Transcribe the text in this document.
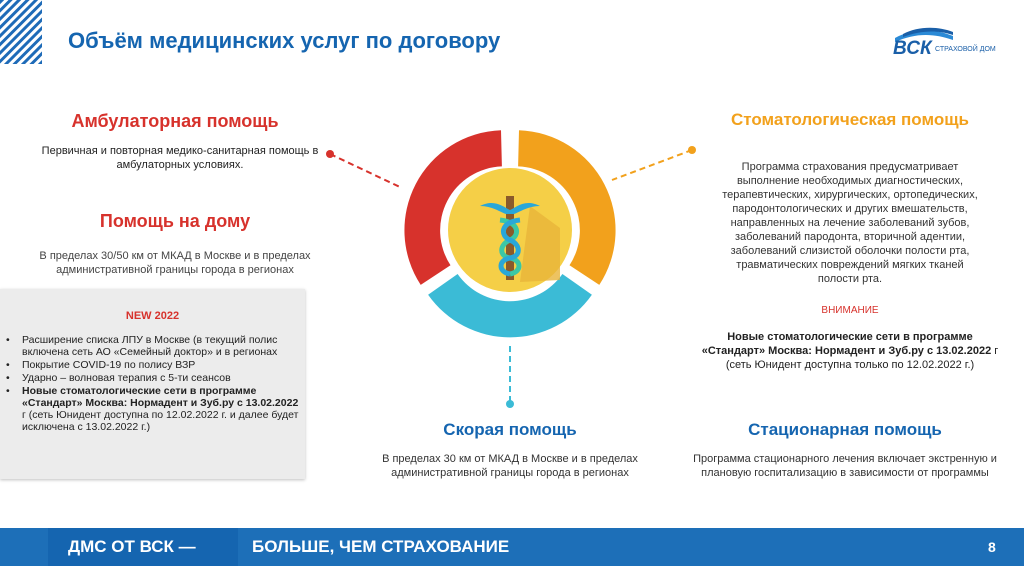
Объём медицинских услуг по договору	ВСК СТРАХОВОЙ ДОМ
Амбулаторная помощь
Первичная и повторная медико-санитарная помощь в амбулаторных условиях.
Помощь на дому
В пределах 30/50 км от МКАД в Москве и в пределах административной границы города в регионах
NEW 2022
• Расширение списка ЛПУ в Москве (в текущий полис включена сеть АО «Семейный доктор» и в регионах
• Покрытие COVID-19 по полису ВЗР
• Ударно – волновая терапия с 5-ти сеансов
• Новые стоматологические сети в программе «Стандарт» Москва: Нормадент и Зуб.ру с 13.02.2022 г (сеть Юнидент доступна по 12.02.2022 г. и далее будет исключена с 13.02.2022 г.)
Стоматологическая помощь
Программа страхования предусматривает выполнение необходимых диагностических, терапевтических, хирургических, ортопедических, пародонтологических и других вмешательств, направленных на лечение заболеваний зубов, заболеваний пародонта, вторичной адентии, заболеваний слизистой оболочки полости рта, травматических повреждений мягких тканей полости рта.
ВНИМАНИЕ
Новые стоматологические сети в программе «Стандарт» Москва: Нормадент и Зуб.ру с 13.02.2022 г (сеть Юнидент доступна только по 12.02.2022 г.)
Скорая помощь
В пределах 30 км от МКАД в Москве и в пределах административной границы города в регионах
Стационарная помощь
Программа стационарного лечения включает экстренную и плановую госпитализацию в зависимости от программы
ДМС ОТ ВСК —	БОЛЬШЕ, ЧЕМ СТРАХОВАНИЕ	8
